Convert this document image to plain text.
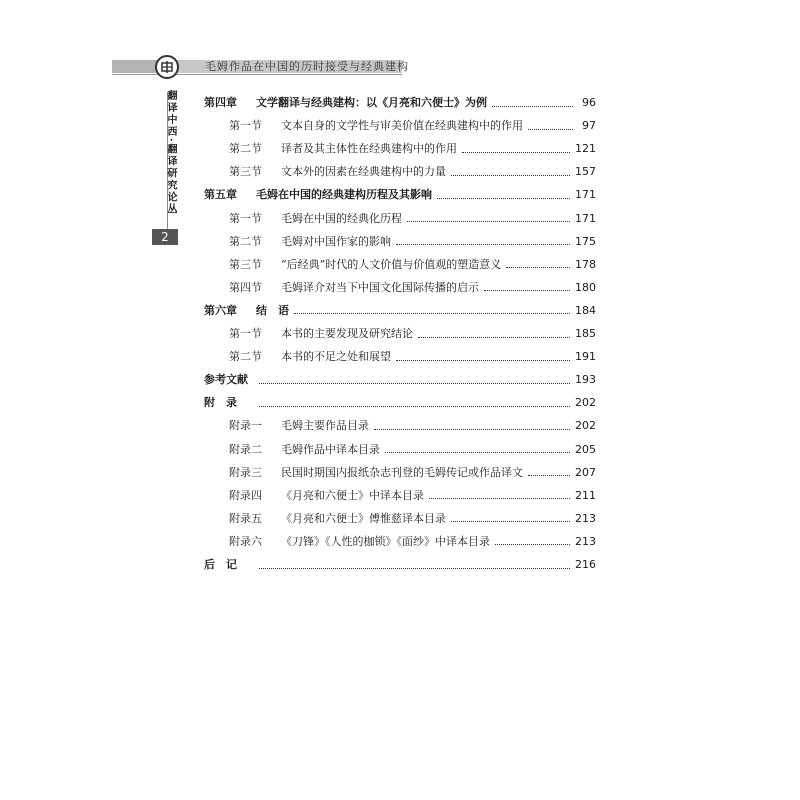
毛姆作品在中国的历时接受与经典建构
翻译中西·翻译研究论丛
2
第四章 文学翻译与经典建构：以《月亮和六便士》为例	96
第一节 文本自身的文学性与审美价值在经典建构中的作用	97
第二节 译者及其主体性在经典建构中的作用	121
第三节 文本外的因素在经典建构中的力量	157
第五章 毛姆在中国的经典建构历程及其影响	171
第一节 毛姆在中国的经典化历程	171
第二节 毛姆对中国作家的影响	175
第三节 “后经典”时代的人文价值与价值观的塑造意义	178
第四节 毛姆译介对当下中国文化国际传播的启示	180
第六章 结　语	184
第一节 本书的主要发现及研究结论	185
第二节 本书的不足之处和展望	191
参考文献	193
附　录	202
附录一 毛姆主要作品目录	202
附录二 毛姆作品中译本目录	205
附录三 民国时期国内报纸杂志刊登的毛姆传记或作品译文	207
附录四 《月亮和六便士》中译本目录	211
附录五 《月亮和六便士》傅惟慈译本目录	213
附录六 《刀锋》《人性的枷锁》《面纱》中译本目录	213
后　记	216
